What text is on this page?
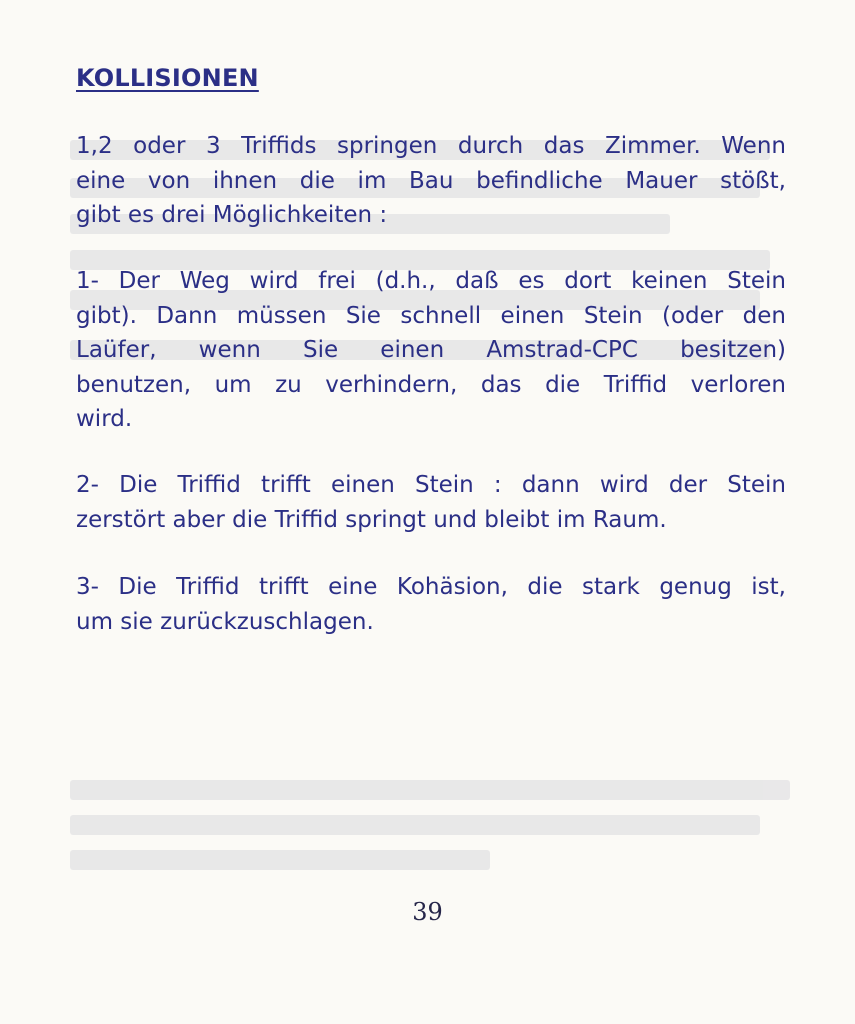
KOLLISIONEN
1,2 oder 3 Triffids springen durch das Zimmer. Wenn
eine von ihnen die im Bau befindliche Mauer stößt,
gibt es drei Möglichkeiten :
1- Der Weg wird frei (d.h., daß es dort keinen Stein
gibt). Dann müssen Sie schnell einen Stein (oder den
Laüfer, wenn Sie einen Amstrad-CPC besitzen)
benutzen, um zu verhindern, das die Triffid verloren
wird.
2- Die Triffid trifft einen Stein : dann wird der Stein
zerstört aber die Triffid springt und bleibt im Raum.
3- Die Triffid trifft eine Kohäsion, die stark genug ist,
um sie zurückzuschlagen.
39
